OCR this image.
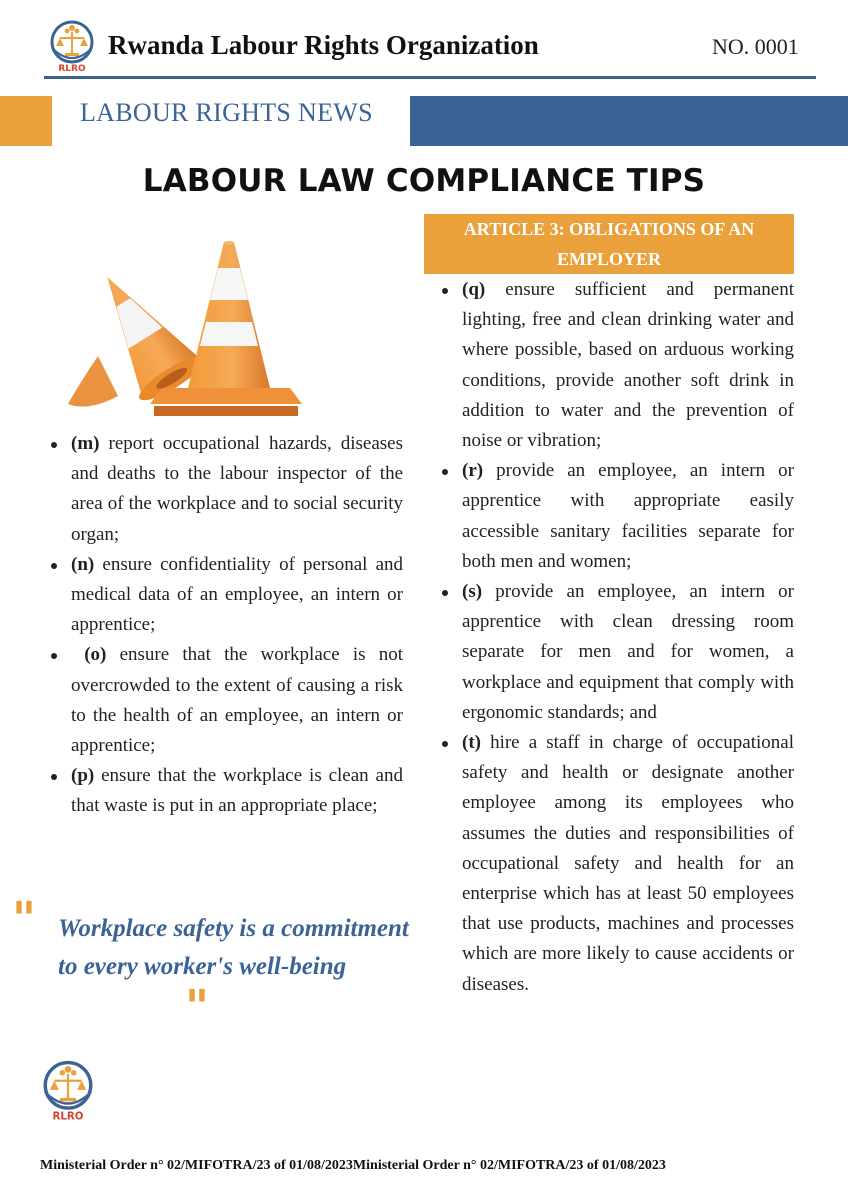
RLRO
Rwanda Labour Rights Organization	NO. 0001
LABOUR RIGHTS NEWS
LABOUR LAW COMPLIANCE TIPS
ARTICLE 3: OBLIGATIONS OF AN EMPLOYER
(m) report occupational hazards, diseases and deaths to the labour inspector of the area of the workplace and to social security organ;
(n) ensure confidentiality of personal and medical data of an employee, an intern or apprentice;
(o) ensure that the workplace is not overcrowded to the extent of causing a risk to the health of an employee, an intern or apprentice;
(p) ensure that the workplace is clean and that waste is put in an appropriate place;
(q) ensure sufficient and permanent lighting, free and clean drinking water and where possible, based on arduous working conditions, provide another soft drink in addition to water and the prevention of noise or vibration;
(r) provide an employee, an intern or apprentice with appropriate easily accessible sanitary facilities separate for both men and women;
(s) provide an employee, an intern or apprentice with clean dressing room separate for men and for women, a workplace and equipment that comply with ergonomic standards; and
(t) hire a staff in charge of occupational safety and health or designate another employee among its employees who assumes the duties and responsibilities of occupational safety and health for an enterprise which has at least 50 employees that use products, machines and processes which are more likely to cause accidents or diseases.
" Workplace safety is a commitment to every worker's well-being
"
RLRO
Ministerial Order n° 02/MIFOTRA/23 of 01/08/2023Ministerial Order n° 02/MIFOTRA/23 of 01/08/2023
